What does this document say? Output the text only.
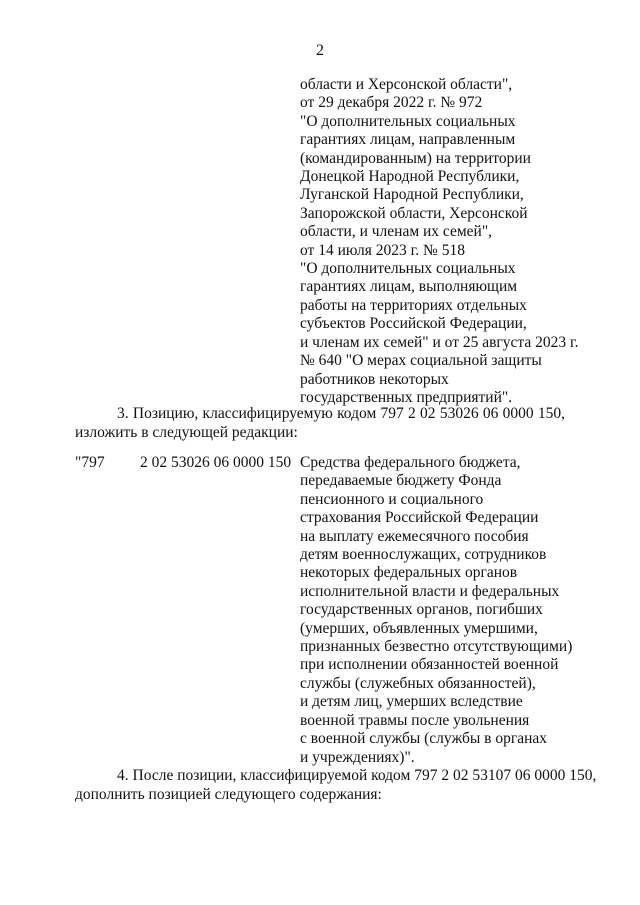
2
области и Херсонской области",
от 29 декабря 2022 г. № 972
"О дополнительных социальных
гарантиях лицам, направленным
(командированным) на территории
Донецкой Народной Республики,
Луганской Народной Республики,
Запорожской области, Херсонской
области, и членам их семей",
от 14 июля 2023 г. № 518
"О дополнительных социальных
гарантиях лицам, выполняющим
работы на территориях отдельных
субъектов Российской Федерации,
и членам их семей" и от 25 августа 2023 г.
№ 640 "О мерах социальной защиты
работников некоторых
государственных предприятий".
3. Позицию, классифицируемую кодом 797 2 02 53026 06 0000 150,
изложить в следующей редакции:
"797 2 02 53026 06 0000 150 Средства федерального бюджета,
передаваемые бюджету Фонда
пенсионного и социального
страхования Российской Федерации
на выплату ежемесячного пособия
детям военнослужащих, сотрудников
некоторых федеральных органов
исполнительной власти и федеральных
государственных органов, погибших
(умерших, объявленных умершими,
признанных безвестно отсутствующими)
при исполнении обязанностей военной
службы (служебных обязанностей),
и детям лиц, умерших вследствие
военной травмы после увольнения
с военной службы (службы в органах
и учреждениях)".
4. После позиции, классифицируемой кодом 797 2 02 53107 06 0000 150,
дополнить позицией следующего содержания:
